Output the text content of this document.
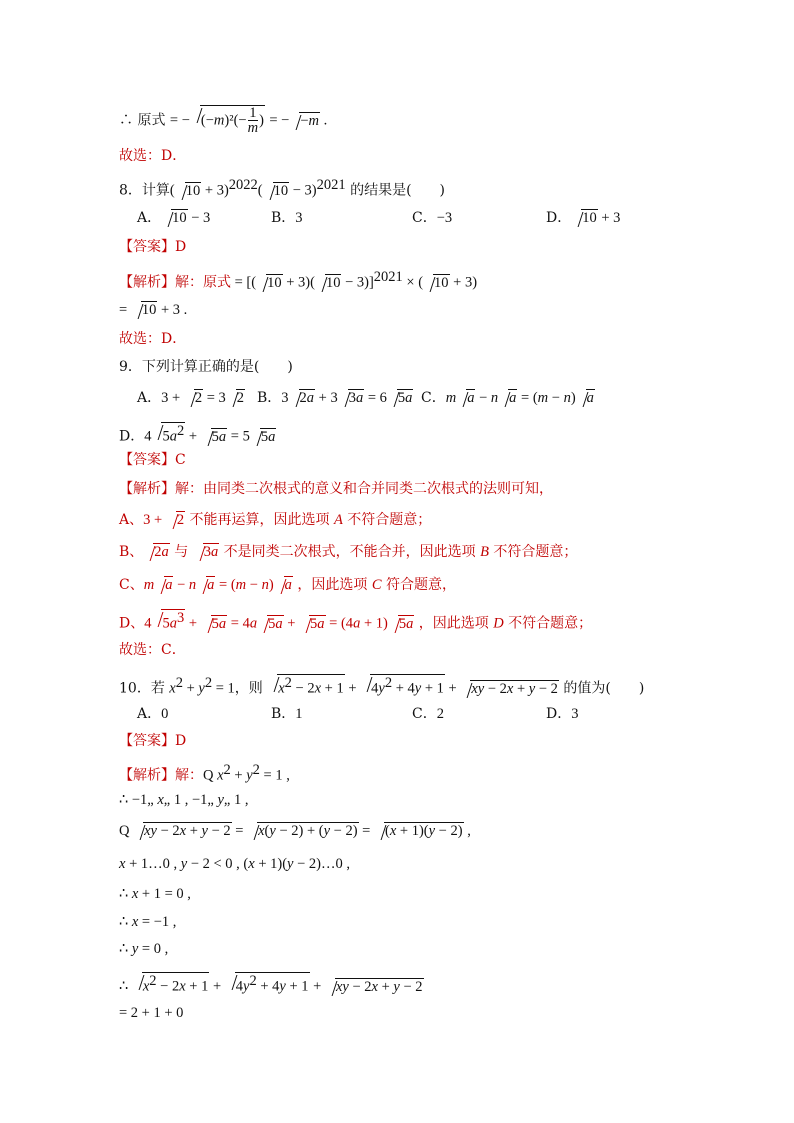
∴ 原式 = − $(-m)^2(- \frac{1}{m}$ ) = − −m .
故选：D．
8．计算( 10 + 3)$^{2022}$( 10 − 3)$^{2021}$ 的结果是(　　)
A． 10 − 3	B．3	C．−3	D． 10 + 3
【答案】D
【解析】解：原式 = [( 10 + 3)( 10 − 3)]$^{2021}$ × ( 10 + 3)
= 10 + 3 .
故选：D．
9．下列计算正确的是(　　)
A．3 + 2 = 3 2 B．3 2a + 3 3a = 6 5a C．m a − n a = (m − n) a
D．4 $5a^2 + 5a = 5$ 5a
【答案】C
【解析】解：由同类二次根式的意义和合并同类二次根式的法则可知，
A、3 + 2 不能再运算，因此选项 A 不符合题意；
B、 2a 与 3a 不是同类二次根式，不能合并，因此选项 B 不符合题意；
C、m a − n a = (m − n) a ，因此选项 C 符合题意，
D、4 $5a^3 + 5a = 4a$ 5a + 5a = (4a + 1) 5a ，因此选项 D 不符合题意；
故选：C．
10．若 $x^2 + y^2 = 1$，则 $x^2 - 2x + 1 + 4y^2 + 4y + 1$ + xy − 2x + y − 2 的值为(　　)
A．0	B．1	C．2	D．3
【答案】D
【解析】解：Q $x^2 + y^2 = 1$ ,
∴ −1„ x„ 1 , −1„ y„ 1 ,
Q xy − 2x + y − 2 = x(y − 2) + (y − 2) = (x + 1)(y − 2) ,
x + 1…0 , y − 2 < 0 , (x + 1)(y − 2)…0 ,
∴ x + 1 = 0 ,
∴ x = −1 ,
∴ y = 0 ,
∴ $x^2 - 2x + 1 + 4y^2 + 4y + 1$ + xy − 2x + y − 2
= 2 + 1 + 0
